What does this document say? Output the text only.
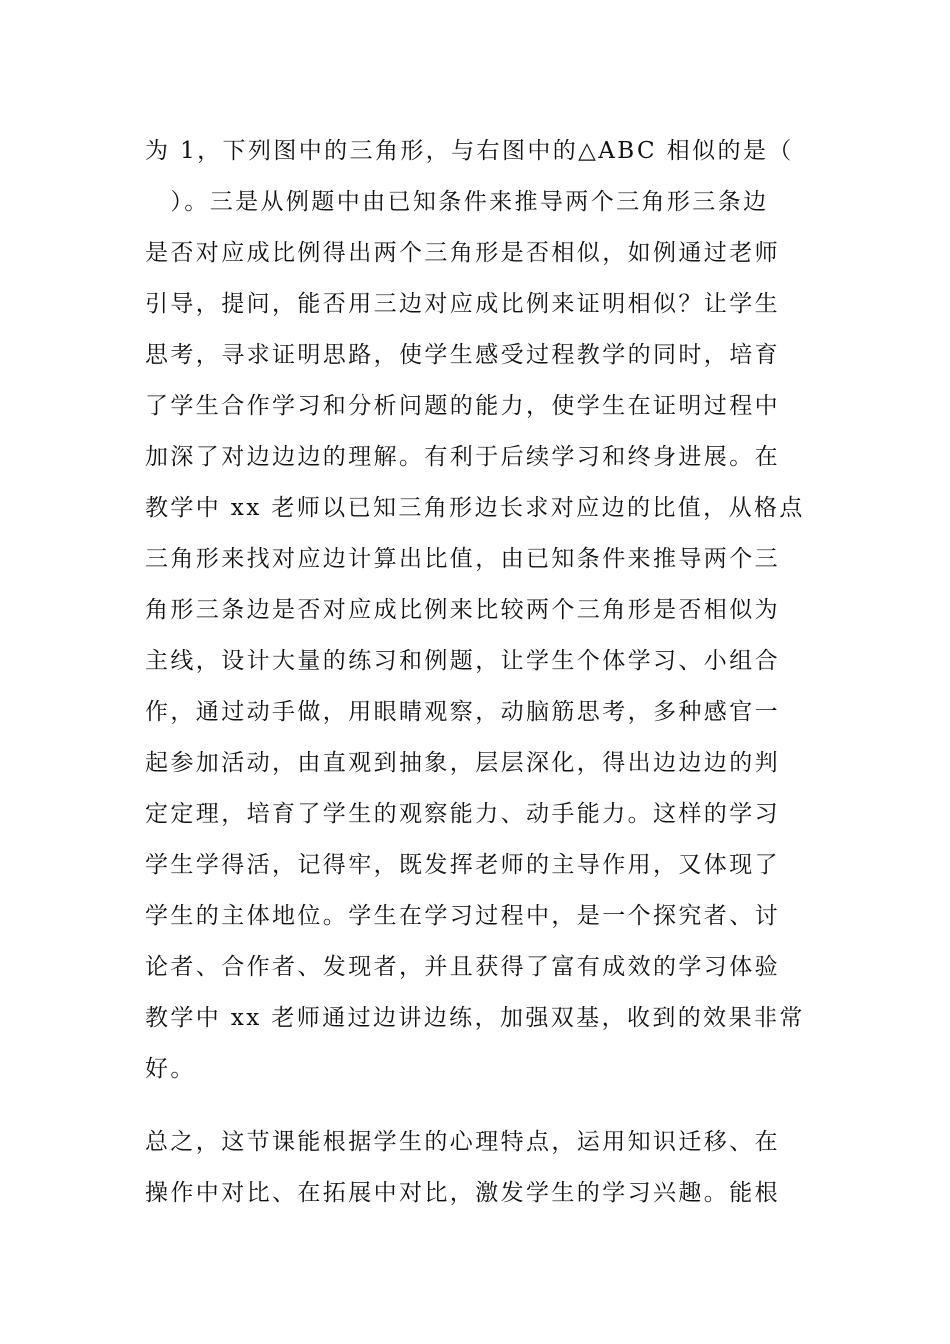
为 1，下列图中的三角形，与右图中的△ABC 相似的是（
　）。三是从例题中由已知条件来推导两个三角形三条边
是否对应成比例得出两个三角形是否相似，如例通过老师
引导，提问，能否用三边对应成比例来证明相似？让学生
思考，寻求证明思路，使学生感受过程教学的同时，培育
了学生合作学习和分析问题的能力，使学生在证明过程中
加深了对边边边的理解。有利于后续学习和终身进展。在
教学中 xx 老师以已知三角形边长求对应边的比值，从格点
三角形来找对应边计算出比值，由已知条件来推导两个三
角形三条边是否对应成比例来比较两个三角形是否相似为
主线，设计大量的练习和例题，让学生个体学习、小组合
作，通过动手做，用眼睛观察，动脑筋思考，多种感官一
起参加活动，由直观到抽象，层层深化，得出边边边的判
定定理，培育了学生的观察能力、动手能力。这样的学习
学生学得活，记得牢，既发挥老师的主导作用，又体现了
学生的主体地位。学生在学习过程中，是一个探究者、讨
论者、合作者、发现者，并且获得了富有成效的学习体验
教学中 xx 老师通过边讲边练，加强双基，收到的效果非常
好。
总之，这节课能根据学生的心理特点，运用知识迁移、在
操作中对比、在拓展中对比，激发学生的学习兴趣。能根
